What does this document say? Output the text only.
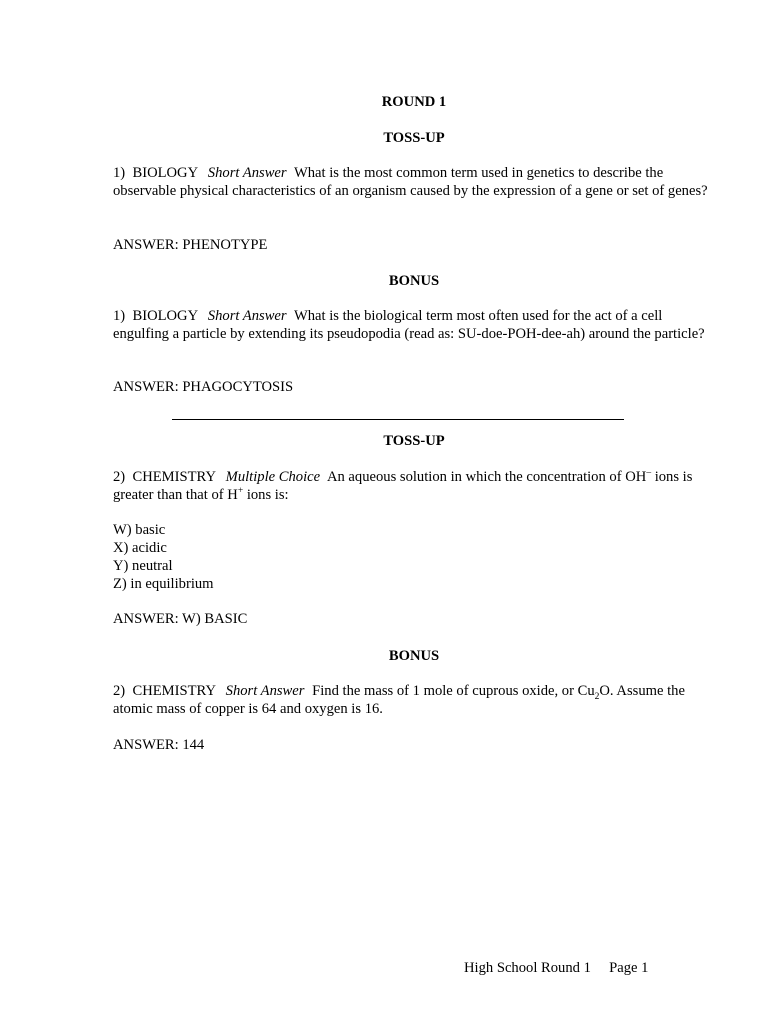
ROUND 1
TOSS-UP
1) BIOLOGY Short Answer What is the most common term used in genetics to describe the observable physical characteristics of an organism caused by the expression of a gene or set of genes?
ANSWER: PHENOTYPE
BONUS
1) BIOLOGY Short Answer What is the biological term most often used for the act of a cell engulfing a particle by extending its pseudopodia (read as: SU-doe-POH-dee-ah) around the particle?
ANSWER: PHAGOCYTOSIS
TOSS-UP
2) CHEMISTRY Multiple Choice An aqueous solution in which the concentration of OH– ions is greater than that of H+ ions is:
W) basic
X) acidic
Y) neutral
Z) in equilibrium
ANSWER: W) BASIC
BONUS
2) CHEMISTRY Short Answer Find the mass of 1 mole of cuprous oxide, or $Cu_2O$. Assume the atomic mass of copper is 64 and oxygen is 16.
ANSWER: 144
High School Round 1 Page 1
